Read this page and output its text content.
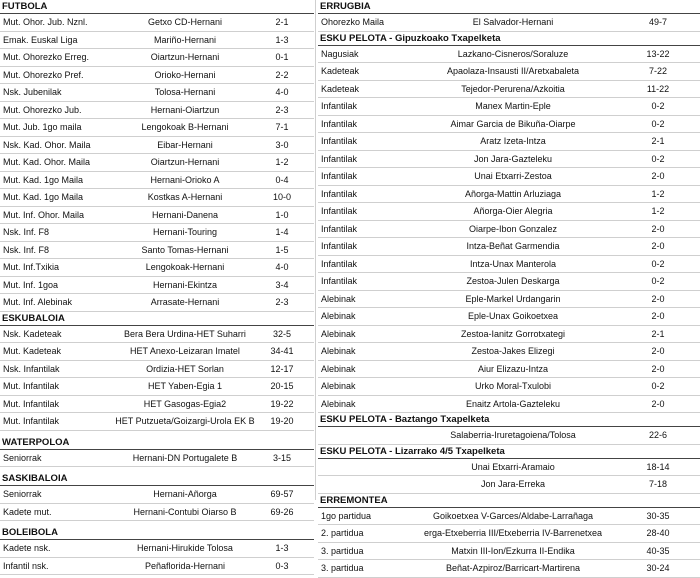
FUTBOLA
Mut. Ohor. Jub. Nznl.	Getxo CD-Hernani	2-1
Emak. Euskal Liga	Mariño-Hernani	1-3
Mut. Ohorezko Erreg.	Oiartzun-Hernani	0-1
Mut. Ohorezko Pref.	Orioko-Hernani	2-2
Nsk. Jubenilak	Tolosa-Hernani	4-0
Mut. Ohorezko Jub.	Hernani-Oiartzun	2-3
Mut. Jub. 1go maila	Lengokoak B-Hernani	7-1
Nsk. Kad. Ohor. Maila	Eibar-Hernani	3-0
Mut. Kad. Ohor. Maila	Oiartzun-Hernani	1-2
Mut. Kad. 1go Maila	Hernani-Orioko A	0-4
Mut. Kad. 1go Maila	Kostkas A-Hernani	10-0
Mut. Inf. Ohor. Maila	Hernani-Danena	1-0
Nsk. Inf. F8	Hernani-Touring	1-4
Nsk. Inf. F8	Santo Tomas-Hernani	1-5
Mut. Inf.Txikia	Lengokoak-Hernani	4-0
Mut. Inf. 1goa	Hernani-Ekintza	3-4
Mut. Inf. Alebinak	Arrasate-Hernani	2-3
ESKUBALOIA
Nsk. Kadeteak	Bera Bera Urdina-HET Suharri	32-5
Mut. Kadeteak	HET Anexo-Leizaran Imatel	34-41
Nsk. Infantilak	Ordizia-HET Sorlan	12-17
Mut. Infantilak	HET Yaben-Egia 1	20-15
Mut. Infantilak	HET Gasogas-Egia2	19-22
Mut. Infantilak	HET Putzueta/Goizargi-Urola EK B	19-20
WATERPOLOA
Seniorrak	Hernani-DN Portugalete B	3-15
SASKIBALOIA
Seniorrak	Hernani-Añorga	69-57
Kadete mut.	Hernani-Contubi Oiarso B	69-26
BOLEIBOLA
Kadete nsk.	Hernani-Hirukide Tolosa	1-3
Infantil nsk.	Peñaflorida-Hernani	0-3
ERRUGBIA
Ohorezko Maila	El Salvador-Hernani	49-7
ESKU PELOTA - Gipuzkoako Txapelketa
Nagusiak	Lazkano-Cisneros/Soraluze	13-22
Kadeteak	Apaolaza-Insausti II/Aretxabaleta	7-22
Kadeteak	Tejedor-Perurena/Azkoitia	11-22
Infantilak	Manex Martin-Eple	0-2
Infantilak	Aimar Garcia de Bikuña-Oiarpe	0-2
Infantilak	Aratz Izeta-Intza	2-1
Infantilak	Jon Jara-Gazteleku	0-2
Infantilak	Unai Etxarri-Zestoa	2-0
Infantilak	Añorga-Mattin Arluziaga	1-2
Infantilak	Añorga-Oier Alegria	1-2
Infantilak	Oiarpe-Ibon Gonzalez	2-0
Infantilak	Intza-Beñat Garmendia	2-0
Infantilak	Intza-Unax Manterola	0-2
Infantilak	Zestoa-Julen Deskarga	0-2
Alebinak	Eple-Markel Urdangarin	2-0
Alebinak	Eple-Unax Goikoetxea	2-0
Alebinak	Zestoa-Ianitz Gorrotxategi	2-1
Alebinak	Zestoa-Jakes Elizegi	2-0
Alebinak	Aiur Elizazu-Intza	2-0
Alebinak	Urko Moral-Txulobi	0-2
Alebinak	Enaitz Artola-Gazteleku	2-0
ESKU PELOTA - Baztango Txapelketa
Salaberria-Iruretagoiena/Tolosa	22-6
ESKU PELOTA - Lizarrako 4/5 Txapelketa
Unai Etxarri-Aramaio	18-14
Jon Jara-Erreka	7-18
ERREMONTEA
1go partidua	Goikoetxea V-Garces/Aldabe-Larrañaga	30-35
2. partidua	erga-Etxeberria III/Etxeberria IV-Barrenetxea	28-40
3. partidua	Matxin III-Ion/Ezkurra II-Endika	40-35
3. partidua	Beñat-Azpiroz/Barricart-Martirena	30-24
